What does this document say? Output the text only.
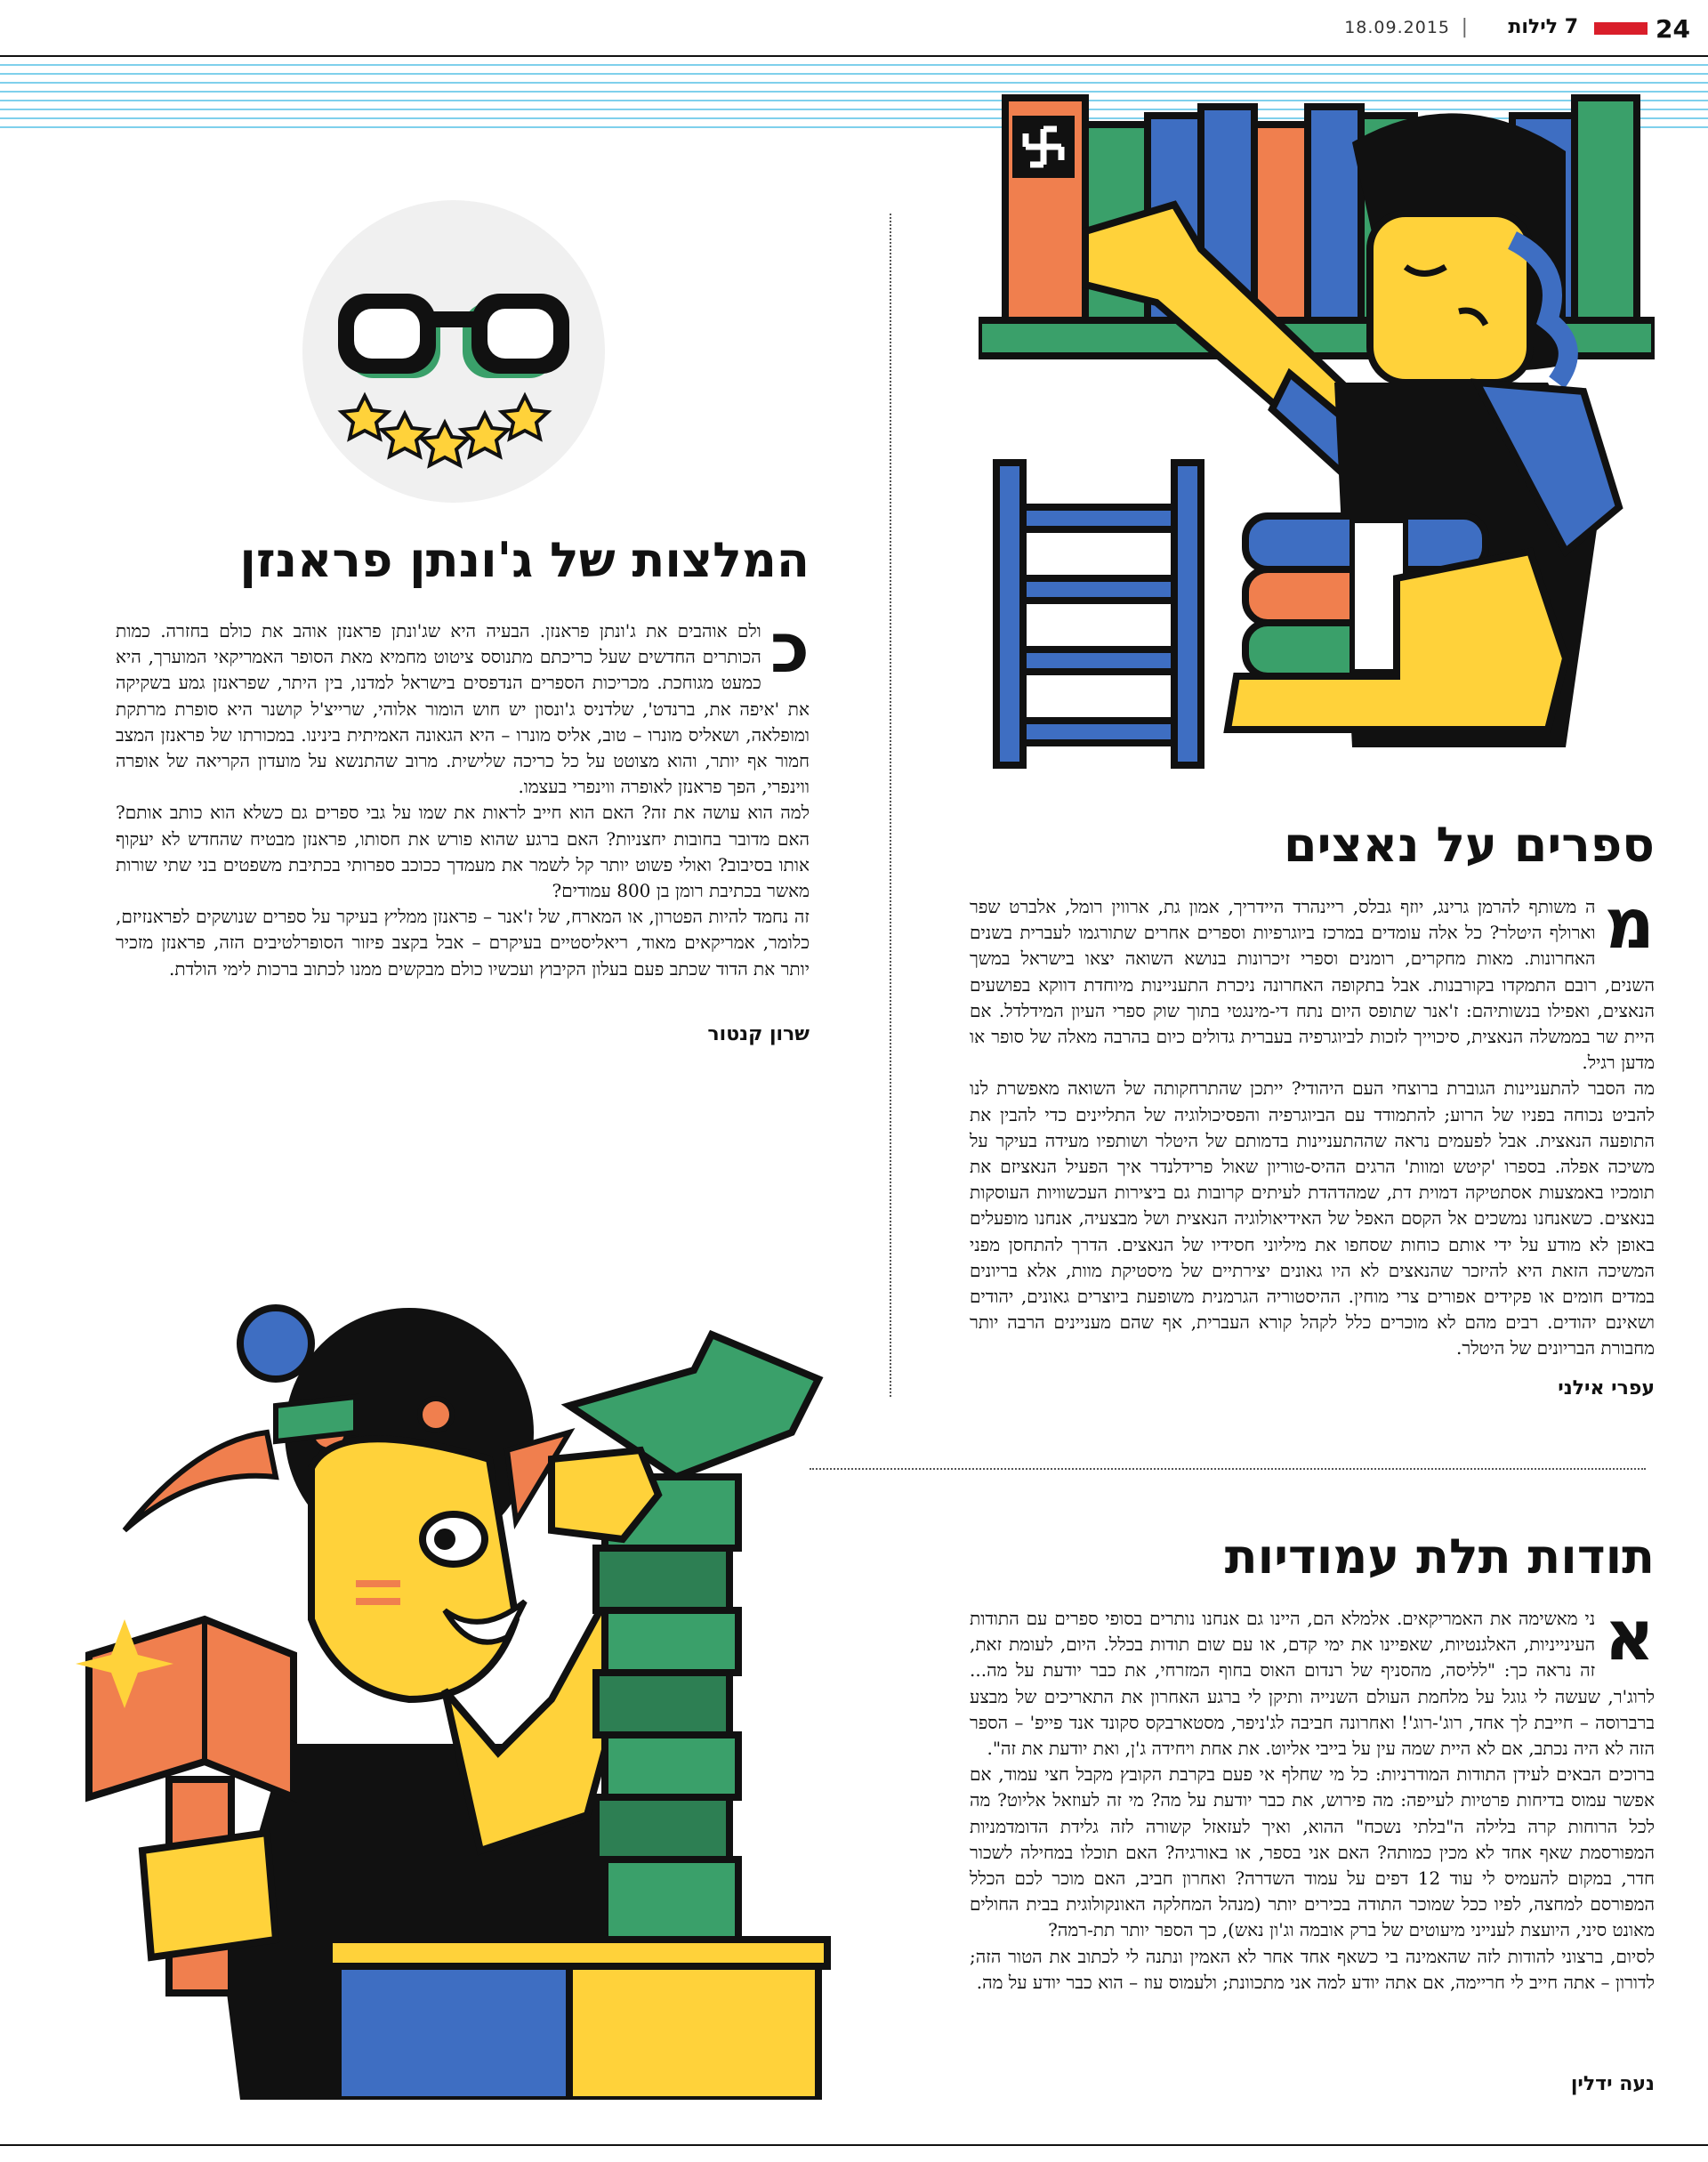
24
7 לילות
|
18.09.2015
המלצות של ג'ונתן פראנזן
כ

ולם אוהבים את ג'ונתן פראנזן. הבעיה היא שג'ונתן פראנזן אוהב את כולם בחזרה. כמות הכותרים החדשים שעל כריכתם מתנוסס ציטוט מחמיא מאת הסופר האמריקאי המוערך, היא כמעט מגוחכת. מכריכות הספרים הנדפסים בישראל למדנו, בין היתר, שפראנזן גמע בשקיקה את 'איפה את, ברנדט', שלדניס ג'ונסון יש חוש הומור אלוהי, שרייצ'ל קושנר היא סופרת מרתקת ומופלאה, ושאליס מונרו – טוב, אליס מונרו – היא הגאונה האמיתית בינינו. במכורתו של פראנזן המצב חמור אף יותר, והוא מצוטט על כל כריכה שלישית. מרוב שהתנשא על מועדון הקריאה של אופרה ווינפרי, הפך פראנזן לאופרה ווינפרי בעצמו.

למה הוא עושה את זה? האם הוא חייב לראות את שמו על גבי ספרים גם כשלא הוא כותב אותם? האם מדובר בחובות יחצניות? האם ברגע שהוא פורש את חסותו, פראנזן מבטיח שהחדש לא יעקוף אותו בסיבוב? ואולי פשוט יותר קל לשמר את מעמדך ככוכב ספרותי בכתיבת משפטים בני שתי שורות מאשר בכתיבת רומן בן 800 עמודים?

זה נחמד להיות הפטרון, או המארח, של ז'אנר – פראנזן ממליץ בעיקר על ספרים שנושקים לפראנזיזם, כלומר, אמריקאים מאוד, ריאליסטיים בעיקרם – אבל בקצב פיזור הסופרלטיבים הזה, פראנזן מזכיר יותר את הדוד שכתב פעם בעלון הקיבוץ ועכשיו כולם מבקשים ממנו לכתוב ברכות לימי הולדת.

שרון קנטור
ספרים על נאצים
מ

ה משותף להרמן גרינג, יוזף גבלס, ריינהרד היידריך, אמון גת, ארווין רומל, אלברט שפר וארולף היטלר? כל אלה עומדים במרכז ביוגרפיות וספרים אחרים שתורגמו לעברית בשנים האחרונות. מאות מחקרים, רומנים וספרי זיכרונות בנושא השואה יצאו בישראל במשך השנים, רובם התמקדו בקורבנות. אבל בתקופה האחרונה ניכרת התעניינות מיוחדת דווקא בפושעים הנאצים, ואפילו בנשותיהם: ז'אנר שתופס היום נתח די-מינגטי בתוך שוק ספרי העיון המידלדל. אם היית שר בממשלה הנאצית, סיכוייך לזכות לביוגרפיה בעברית גדולים כיום בהרבה מאלה של סופר או מדען רגיל.

מה הסבר להתעניינות הגוברת ברוצחי העם היהודי? ייתכן שהתרחקותה של השואה מאפשרת לנו להביט נכוחה בפניו של הרוע; להתמודד עם הביוגרפיה והפסיכולוגיה של התליינים כדי להבין את התופעה הנאצית. אבל לפעמים נראה שההתעניינות בדמותם של היטלר ושותפיו מעידה בעיקר על משיכה אפלה. בספרו 'קיטש ומוות' הרגים ההיס-טוריון שאול פרידלנדר איך הפעיל הנאציזם את תומכיו באמצעות אסתטיקה דמוית דת, שמהדהדת לעיתים קרובות גם ביצירות העכשוויות העוסקות בנאצים. כשאנחנו נמשכים אל הקסם האפל של האידיאולוגיה הנאצית ושל מבצעיה, אנחנו מופעלים באופן לא מודע על ידי אותם כוחות שסחפו את מיליוני חסידיו של הנאצים. הדרך להתחסן מפני המשיכה הזאת היא להיזכר שהנאצים לא היו גאונים יצירתיים של מיסטיקת מוות, אלא בריונים במדים חומים או פקידים אפורים צרי מוחין. ההיסטוריה הגרמנית משופעת ביוצרים גאונים, יהודים ושאינם יהודים. רבים מהם לא מוכרים כלל לקהל קורא העברית, אף שהם מעניינים הרבה יותר מחבורת הבריונים של היטלר.

עפרי אילני
תודות תלת עמודיות
א

ני מאשימה את האמריקאים. אלמלא הם, היינו גם אנחנו נותרים בסופי ספרים עם התודות העינייניות, האלגנטיות, שאפיינו את ימי קדם, או עם שום תודות בכלל. היום, לעומת זאת, זה נראה כך: "לליסה, מהסניף של רנדום האוס בחוף המזרחי, את כבר יודעת על מה... לרוג'ר, שעשה לי גוגל על מלחמת העולם השנייה ותיקן לי ברגע האחרון את התאריכים של מבצע ברברוסה – חייבת לך אחד, רוג'-רוג'! ואחרונה חביבה לג'ניפר, מסטארבקס סקונד אנד פייפ' – הספר הזה לא היה נכתב, אם לא היית שמה עין על בייבי אליוט. את אחת ויחידה ג'ן, ואת יודעת את זה".

ברוכים הבאים לעידן התודות המודרניות: כל מי שחלף אי פעם בקרבת הקובץ מקבל חצי עמוד, אם אפשר עמוס בדיחות פרטיות לעייפה: מה פירוש, את כבר יודעת על מה? מי זה לעוזאל אליוט? מה לכל הרוחות קרה בלילה ה"בלתי נשכח" ההוא, ואיך לעזאזל קשורה לזה גלידת הדומדמניות המפורסמת שאף אחד לא מכין כמותה? האם אני בספר, או באורגיה? האם תוכלו במחילה לשכור חדר, במקום להעמיס לי עוד 12 דפים על עמוד השדרה? ואחרון חביב, האם מוכר לכם הכלל המפורסם למחצה, לפיו ככל שמוכר התודה בכירים יותר (מנהל המחלקה האונקולוגית בבית החולים מאונט סיני, היועצת לענייני מיעוטים של ברק אובמה וג'ון נאש), כך הספר יותר תת-רמה?

לסיום, ברצוני להודות לזה שהאמינה בי כשאף אחד אחר לא האמין ונתנה לי לכתוב את הטור הזה; לדורון – אתה חייב לי חריימה, אם אתה יודע למה אני מתכוונת; ולעמוס עוז – הוא כבר יודע על מה.

נעה ידלין
